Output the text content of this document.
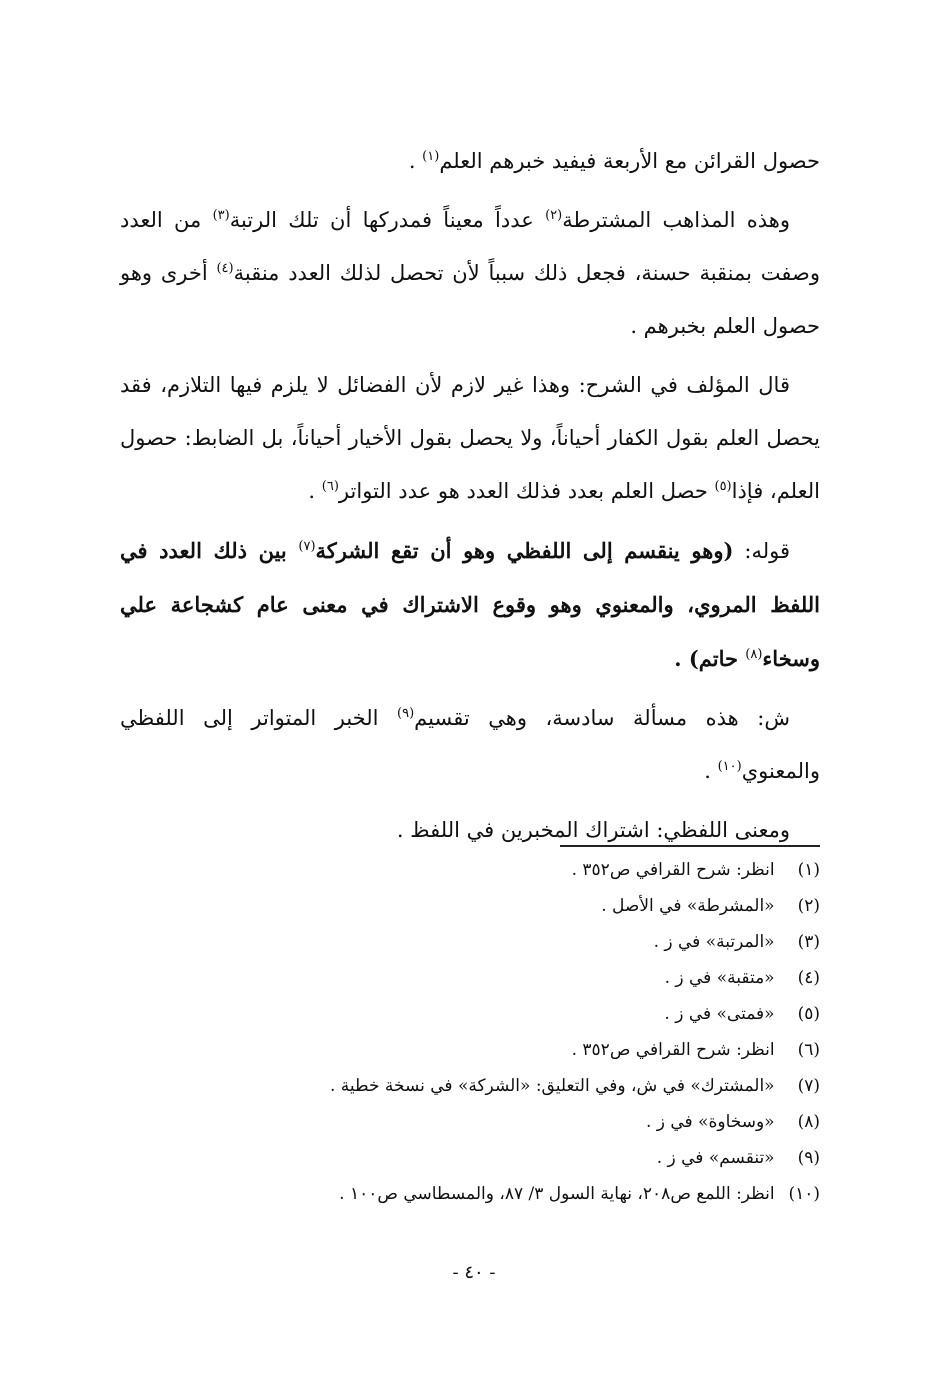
حصول القرائن مع الأربعة فيفيد خبرهم العلم$^{(١)}$ .

وهذه المذاهب المشترطة$^{(٢)}$ عدداً معيناً فمدركها أن تلك الرتبة$^{(٣)}$ من العدد وصفت بمنقبة حسنة، فجعل ذلك سبباً لأن تحصل لذلك العدد منقبة$^{(٤)}$ أخرى وهو حصول العلم بخبرهم .

قال المؤلف في الشرح: وهذا غير لازم لأن الفضائل لا يلزم فيها التلازم، فقد يحصل العلم بقول الكفار أحياناً، ولا يحصل بقول الأخيار أحياناً، بل الضابط: حصول العلم، فإذا$^{(٥)}$ حصل العلم بعدد فذلك العدد هو عدد التواتر$^{(٦)}$ .

قوله: (وهو ينقسم إلى اللفظي وهو أن تقع الشركة$^{(٧)}$ بين ذلك العدد في اللفظ المروي، والمعنوي وهو وقوع الاشتراك في معنى عام كشجاعة علي وسخاء$^{(٨)}$ حاتم) .

ش: هذه مسألة سادسة، وهي تقسيم$^{(٩)}$ الخبر المتواتر إلى اللفظي والمعنوي$^{(١٠)}$ .

ومعنى اللفظي: اشتراك المخبرين في اللفظ .

(١) انظر: شرح القرافي ص٣٥٢ .
(٢) «المشرطة» في الأصل .
(٣) «المرتبة» في ز .
(٤) «متقبة» في ز .
(٥) «فمتى» في ز .
(٦) انظر: شرح القرافي ص٣٥٢ .
(٧) «المشترك» في ش، وفي التعليق: «الشركة» في نسخة خطية .
(٨) «وسخاوة» في ز .
(٩) «تنقسم» في ز .
(١٠) انظر: اللمع ص٢٠٨، نهاية السول ٣/ ٨٧، والمسطاسي ص١٠٠ .
- ٤٠ -
